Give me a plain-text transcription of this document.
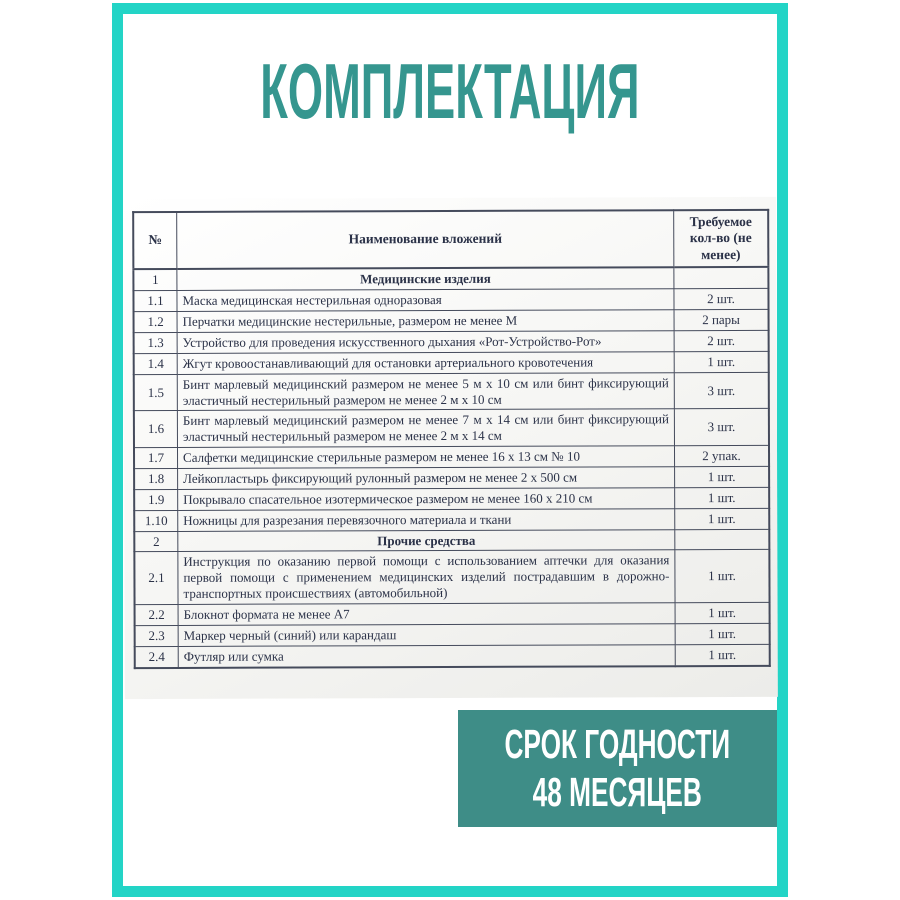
КОМПЛЕКТАЦИЯ
№	Наименование вложений	Требуемое кол-во (не менее)
1	Медицинские изделия	
1.1	Маска медицинская нестерильная одноразовая	2 шт.
1.2	Перчатки медицинские нестерильные, размером не менее М	2 пары
1.3	Устройство для проведения искусственного дыхания «Рот-Устройство-Рот»	2 шт.
1.4	Жгут кровоостанавливающий для остановки артериального кровотечения	1 шт.
1.5	Бинт марлевый медицинский размером не менее 5 м х 10 см или бинт фиксирующий эластичный нестерильный размером не менее 2 м х 10 см	3 шт.
1.6	Бинт марлевый медицинский размером не менее 7 м х 14 см или бинт фиксирующий эластичный нестерильный размером не менее 2 м х 14 см	3 шт.
1.7	Салфетки медицинские стерильные размером не менее 16 х 13 см № 10	2 упак.
1.8	Лейкопластырь фиксирующий рулонный размером не менее 2 х 500 см	1 шт.
1.9	Покрывало спасательное изотермическое размером не менее 160 х 210 см	1 шт.
1.10	Ножницы для разрезания перевязочного материала и ткани	1 шт.
2	Прочие средства	
2.1	Инструкция по оказанию первой помощи с использованием аптечки для оказания первой помощи с применением медицинских изделий пострадавшим в дорожно-транспортных происшествиях (автомобильной)	1 шт.
2.2	Блокнот формата не менее А7	1 шт.
2.3	Маркер черный (синий) или карандаш	1 шт.
2.4	Футляр или сумка	1 шт.
СРОК ГОДНОСТИ
48 МЕСЯЦЕВ
